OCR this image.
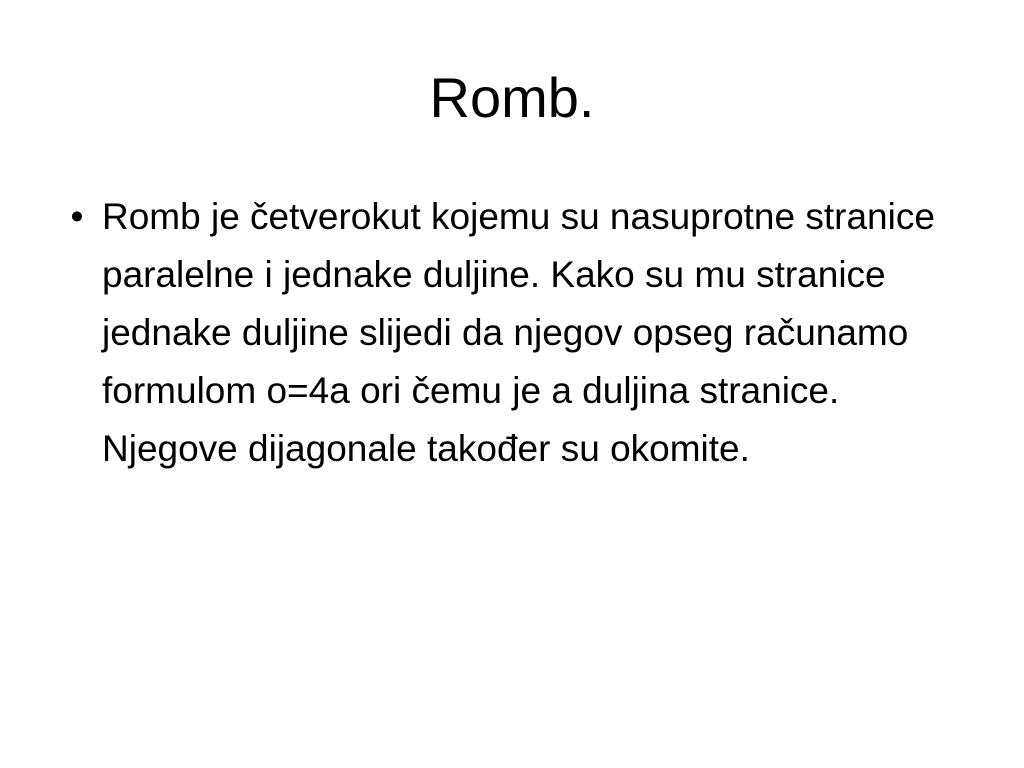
Romb.
• Romb je četverokut kojemu su nasuprotne stranice paralelne i jednake duljine. Kako su mu stranice jednake duljine slijedi da njegov opseg računamo formulom o=4a ori čemu je a duljina stranice. Njegove dijagonale također su okomite.
